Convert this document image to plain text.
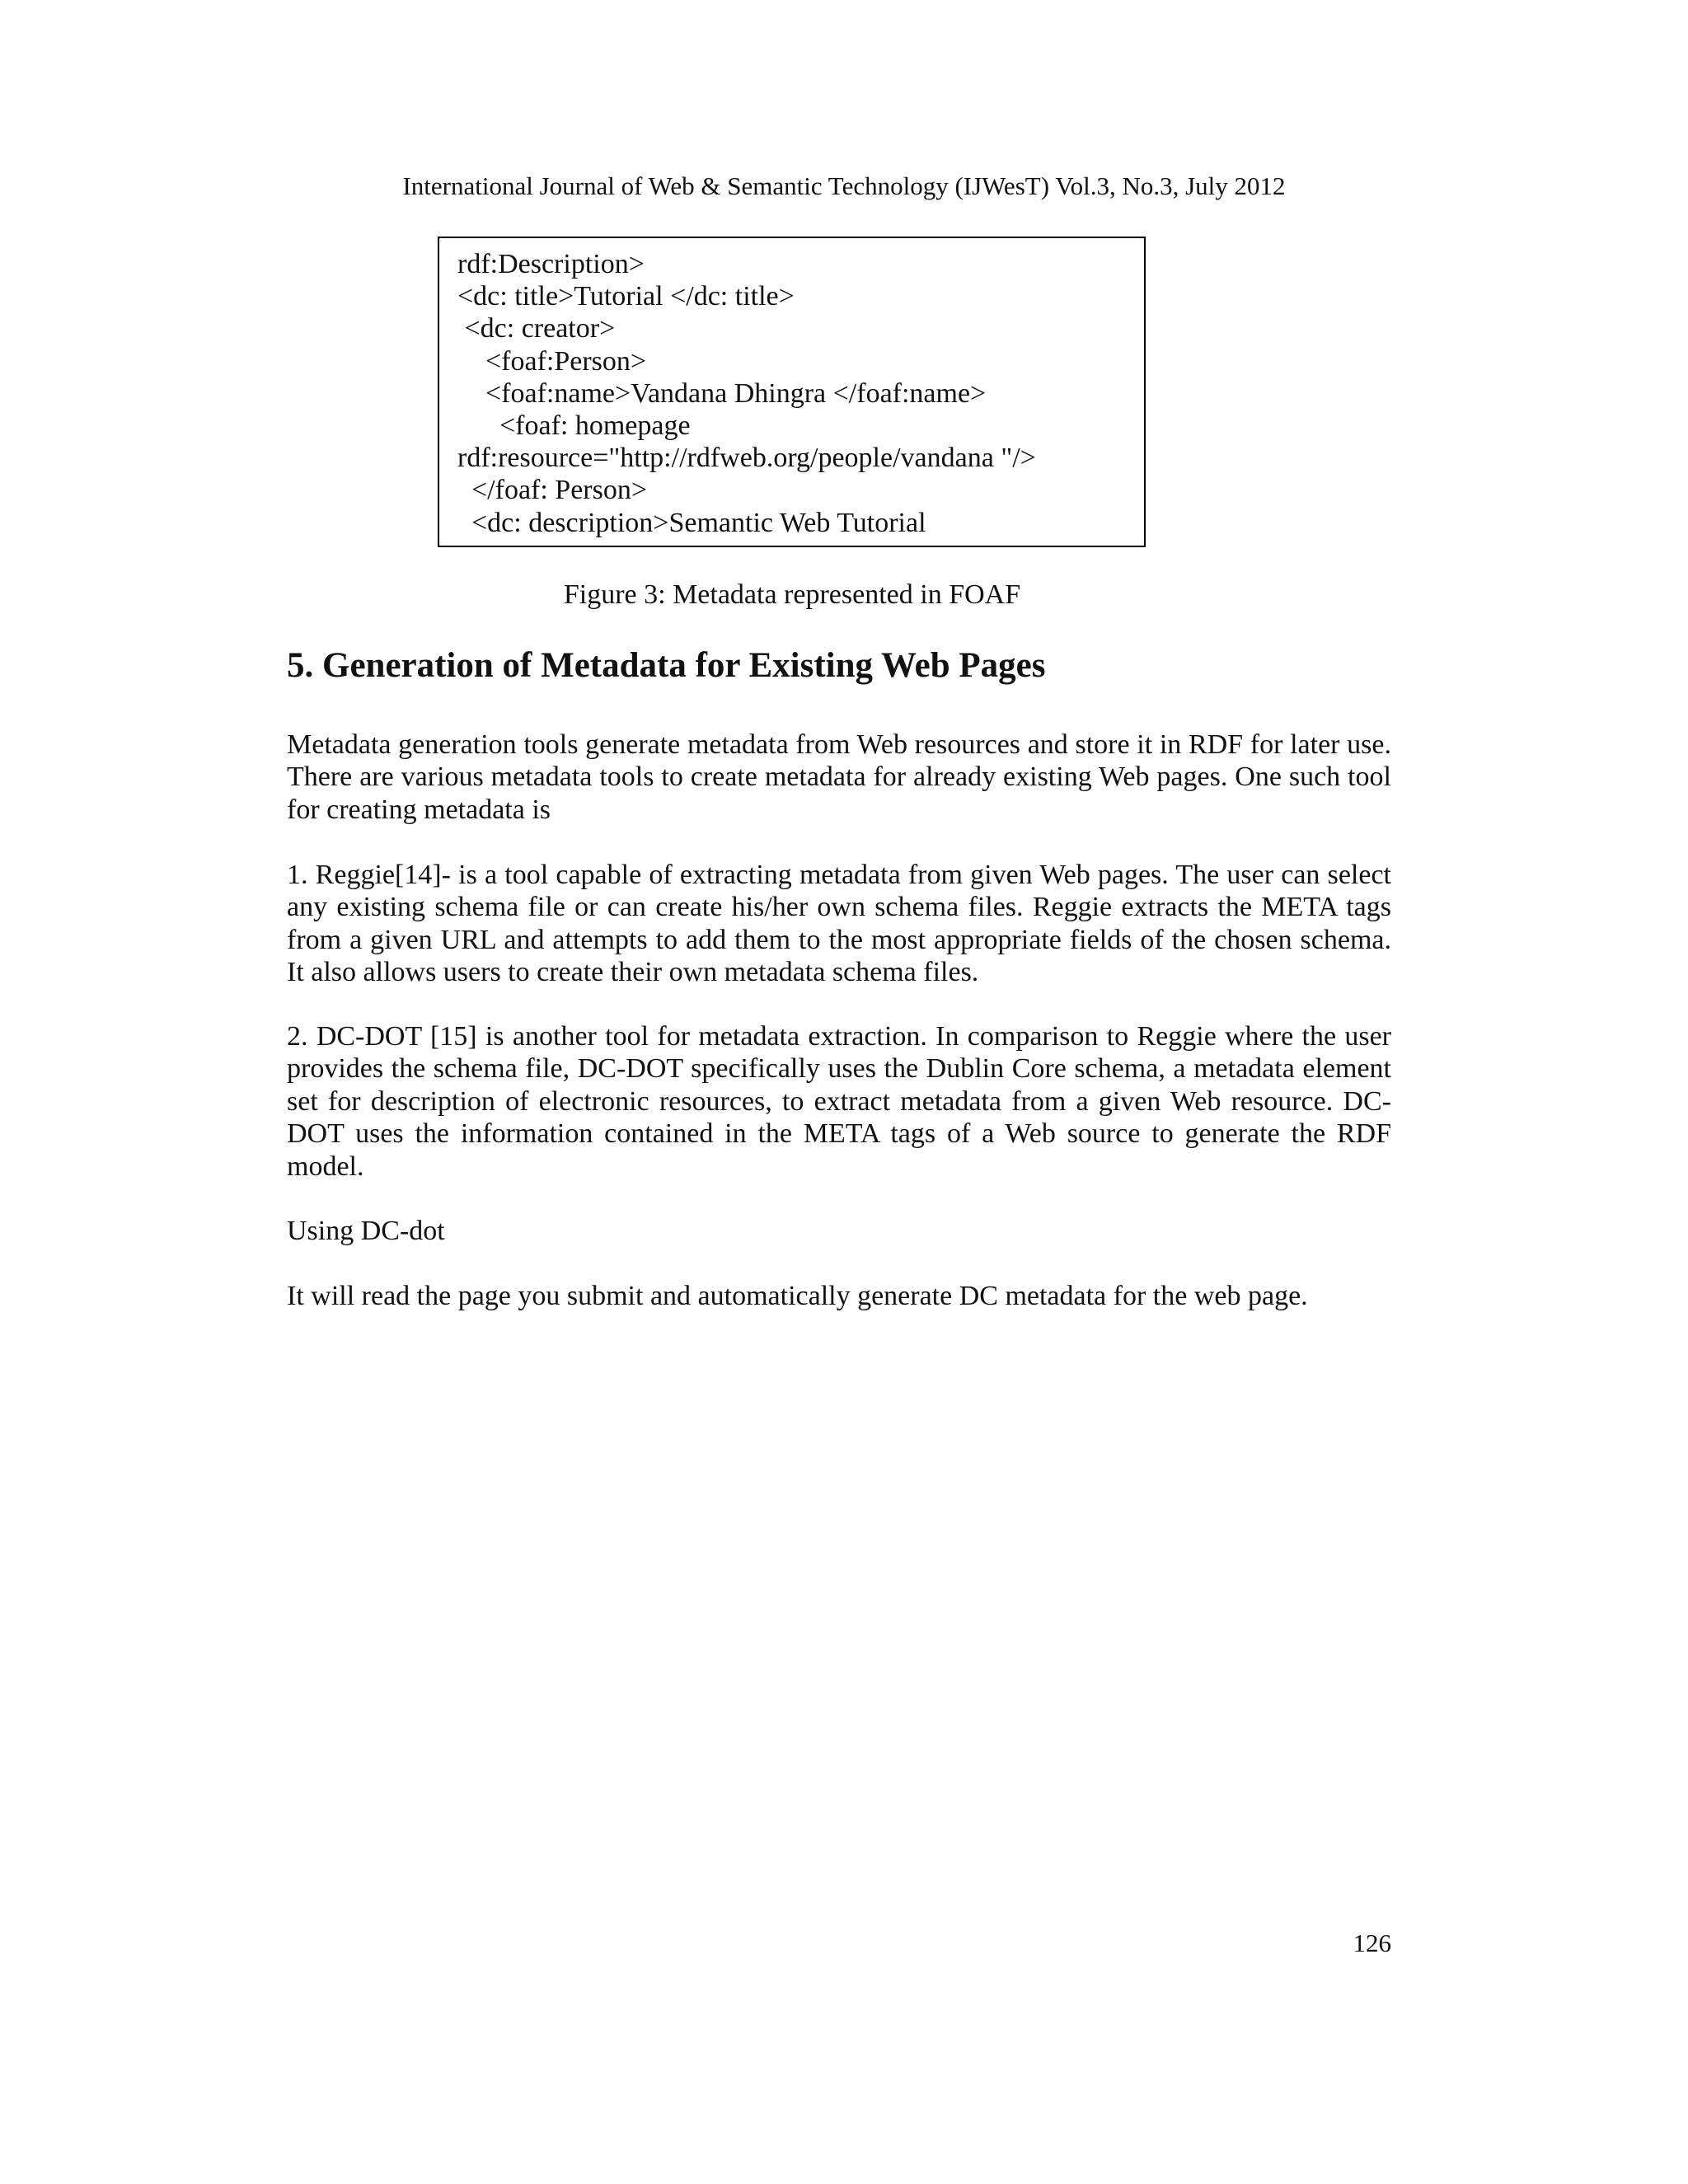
International Journal of Web & Semantic Technology (IJWesT) Vol.3, No.3, July 2012
rdf:Description>
<dc: title>Tutorial </dc: title>
<dc: creator>
<foaf:Person>
<foaf:name>Vandana Dhingra </foaf:name>
<foaf: homepage
rdf:resource="http://rdfweb.org/people/vandana "/>
</foaf: Person>
<dc: description>Semantic Web Tutorial
Figure 3: Metadata represented in FOAF
5. Generation of Metadata for Existing Web Pages

Metadata generation tools generate metadata from Web resources and store it in RDF for later use. There are various metadata tools to create metadata for already existing Web pages. One such tool for creating metadata is

1. Reggie[14]- is a tool capable of extracting metadata from given Web pages. The user can select any existing schema file or can create his/her own schema files. Reggie extracts the META tags from a given URL and attempts to add them to the most appropriate fields of the chosen schema. It also allows users to create their own metadata schema files.

2. DC-DOT [15] is another tool for metadata extraction. In comparison to Reggie where the user provides the schema file, DC-DOT specifically uses the Dublin Core schema, a metadata element set for description of electronic resources, to extract metadata from a given Web resource. DC-DOT uses the information contained in the META tags of a Web source to generate the RDF model.

Using DC-dot

It will read the page you submit and automatically generate DC metadata for the web page.

126
